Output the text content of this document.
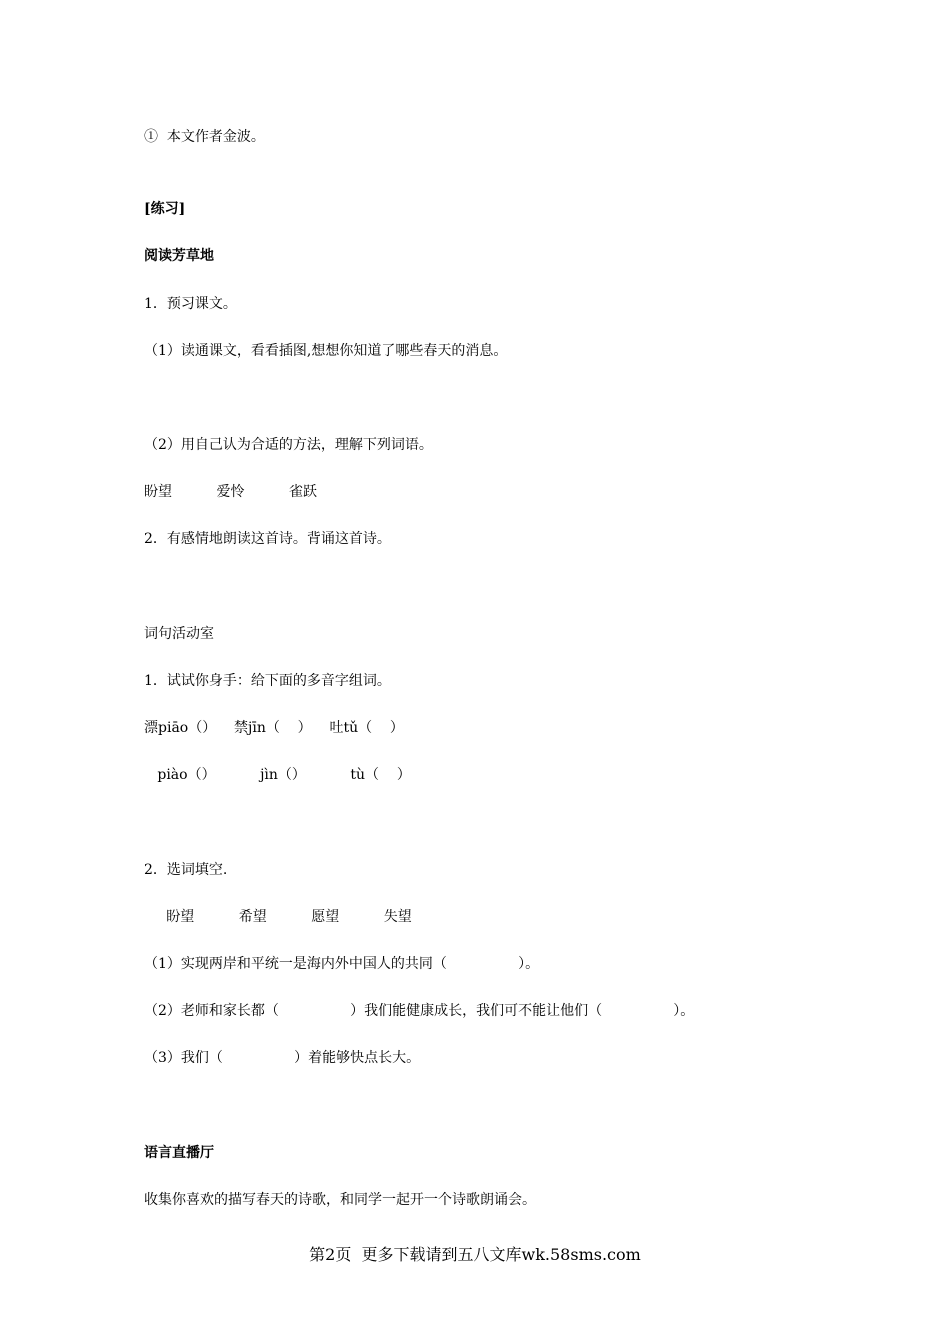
①  本文作者金波。
[练习]
阅读芳草地
1．预习课文。
（1）读通课文，看看插图,想想你知道了哪些春天的消息。
（2）用自己认为合适的方法，理解下列词语。
盼望          爱怜          雀跃
2．有感情地朗读这首诗。背诵这首诗。
词句活动室
1．试试你身手：给下面的多音字组词。
漂piāo（）    禁jīn（    ）    吐tǔ（    ）
piào（）          jìn（）          tù（    ）
2．选词填空.
盼望          希望          愿望          失望
（1）实现两岸和平统一是海内外中国人的共同（                ）。
（2）老师和家长都（                ）我们能健康成长，我们可不能让他们（                ）。
（3）我们（                ）着能够快点长大。
语言直播厅
收集你喜欢的描写春天的诗歌，和同学一起开一个诗歌朗诵会。
第2页  更多下载请到五八文库wk.58sms.com
